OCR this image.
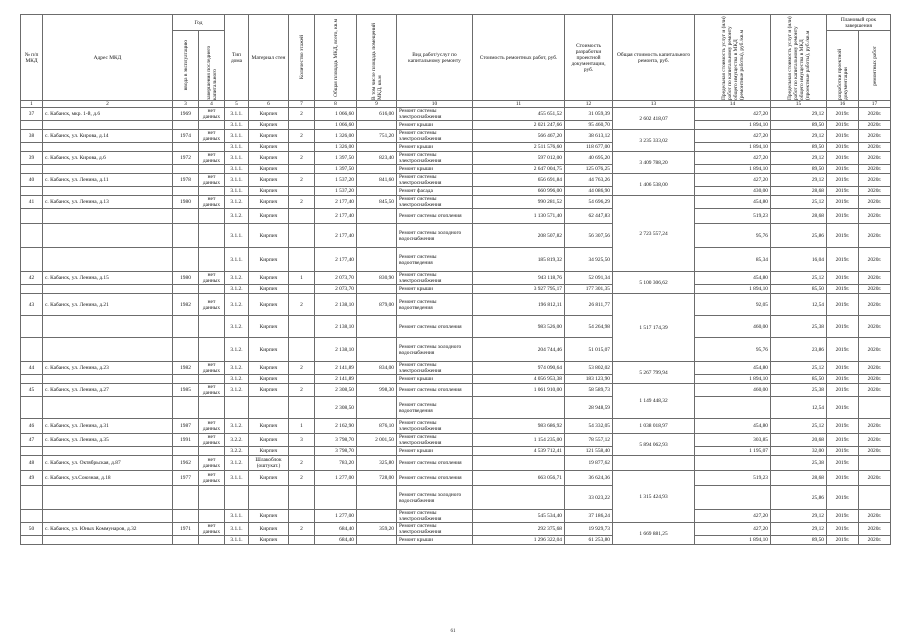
№ п/п МКД	Адрес МКД	Год		Тип дома	Материал стен	Количество этажей	Общая площадь МКД, всего, кв.м	В том числе площадь помещений МКД, кв.м	Вид работ/услуг по капитальному ремонту	Стоимость ремонтных работ, руб.	Стоимость разработки проектной документации, руб.	Общая стоимость капитального ремонта, руб.	Предельная стоимость услуг и (или) работ по капитальному ремонту общего имущества в МКД (ремонтные работы), руб./кв.м	Предельная стоимость услуг и (или) работ по капитальному ремонту общего имущества в МКД (проектные работы), руб./кв.м	Плановый срок завершения	

		ввода в эксплуатацию	завершения последнего капитального												разработки проектной документации	ремонтных работ

1	2	3	4	5	6	7	8	9	10	11	12	13	14	15	16	17
37	с. Кабанск, мкр. 1-й, д.6	1969	нет данных	3.1.1.	Кирпич	2	1 066,60	616,00	Ремонт системы электроснабжения	455 651,52	31 059,39	2 602 418,07	427,20	29,12	2019г.	2020г.
				3.1.1.	Кирпич		1 066,60		Ремонт крыши	2 021 247,66	95 460,70		1 894,10	89,50	2019г.	2020г.
38	с. Кабанск, ул. Кирова, д.14	1974	нет данных	3.1.1.	Кирпич	2	1 326,00	751,20	Ремонт системы электроснабжения	566 467,20	38 613,12	3 235 333,02	427,20	29,12	2019г.	2020г.
				3.1.1.	Кирпич		1 326,00		Ремонт крыши	2 511 576,60	118 677,00		1 894,10	89,50	2019г.	2020г.
39	с. Кабанск, ул. Кирова, д.6	1972	нет данных	3.1.1.	Кирпич	2	1 397,50	823,40	Ремонт системы электроснабжения	597 012,00	40 695,20	3 409 788,20	427,20	29,12	2019г.	2020г.
				3.1.1.	Кирпич		1 397,50		Ремонт крыши	2 647 004,75	125 076,25		1 894,10	89,50	2019г.	2020г.
40	с. Кабанск, ул. Ленина, д.11	1978	нет данных	3.1.1.	Кирпич	2	1 537,20	841,60	Ремонт системы электроснабжения	656 691,84	44 763,26	1 406 538,00	427,20	29,12	2019г.	2020г.
				3.1.1.	Кирпич		1 537,20		Ремонт фасада	660 996,00	44 086,90		430,00	28,68	2019г.	2020г.
41	с. Кабанск, ул. Ленина, д.13	1980	нет данных	3.1.2.	Кирпич	2	2 177,40	845,50	Ремонт системы электроснабжения	990 281,52	54 696,29	2 723 557,24	454,80	25,12	2019г.	2020г.
				3.1.2.	Кирпич		2 177,40		Ремонт системы отопления	1 130 571,40	62 447,83		519,23	28,68	2019г.	2020г.
				3.1.1.	Кирпич		2 177,40		Ремонт системы холодного водоснабжения	208 507,82	56 307,56		95,76	25,86	2019г.	2020г.
				3.1.1.	Кирпич		2 177,40		Ремонт системы водоотведения	185 819,32	34 925,50		85,34	16,04	2019г.	2020г.
42	с. Кабанск, ул. Ленина, д.15	1980	нет данных	3.1.2.	Кирпич	1	2 073,70	830,90	Ремонт системы электроснабжения	943 118,76	52 091,34	5 100 306,62	454,80	25,12	2019г.	2020г.
				3.1.2.	Кирпич		2 073,70		Ремонт крыши	3 927 795,17	177 301,35		1 894,10	85,50	2019г.	2020г.
43	с. Кабанск, ул. Ленина, д.21	1982	нет данных	3.1.2.	Кирпич	2	2 138,10	879,00	Ремонт системы водоотведения	196 812,11	26 811,77	1 517 174,39	92,05	12,54	2019г.	2020г.
				3.1.2.	Кирпич		2 138,10		Ремонт системы отопления	983 526,00	54 264,98		460,00	25,38	2019г.	2020г.
				3.1.2.	Кирпич		2 138,10		Ремонт системы холодного водоснабжения	204 744,46	51 015,07		95,76	23,86	2019г.	2020г.
44	с. Кабанск, ул. Ленина, д.23	1982	нет данных	3.1.2.	Кирпич	2	2 141,89	834,00	Ремонт системы электроснабжения	974 090,64	53 802,02	5 267 799,94	454,80	25,12	2019г.	2020г.
				3.1.2.	Кирпич		2 141,89		Ремонт крыши	4 056 953,38	183 123,90		1 894,10	85,50	2019г.	2020г.
45	с. Кабанск, ул. Ленина, д.27	1985	нет данных	3.1.2.	Кирпич	2	2 308,50	998,30	Ремонт системы отопления	1 061 910,00	58 589,73	1 149 448,32	460,00	25,38	2019г.	2020г.
							2 308,50		Ремонт системы водоотведения		28 948,59			12,54	2019г.	
46	с. Кабанск, ул. Ленина, д.31	1987	нет данных	3.1.2.	Кирпич	1	2 162,90	876,10	Ремонт системы электроснабжения	983 686,92	54 332,05	1 038 018,97	454,80	25,12	2019г.	2020г.
47	с. Кабанск, ул. Ленина, д.35	1991	нет данных	3.2.2.	Кирпич	3	3 798,70	2 001,50	Ремонт системы электроснабжения	1 154 235,00	78 557,12	5 894 062,93	303,85	20,68	2019г.	2020г.
				3.2.2.	Кирпич		3 798,70		Ремонт крыши	4 539 712,41	121 558,40		1 195,07	32,00	2019г.	2020г.
48	с. Кабанск, ул. Октябрьская, д.87	1962	нет данных	3.1.2.	Шлакоблок (оштукат.)	2	783,20	325,80	Ремонт системы отопления		19 877,62			25,38	2019г.	
49	с. Кабанск, ул.Союзная, д.18	1977	нет данных	3.1.1.	Кирпич	2	1 277,00	728,00	Ремонт системы отопления	663 056,71	36 624,36	1 315 424,93	519,23	28,68	2019г.	2020г.
									Ремонт системы холодного водоснабжения		33 023,22			25,86	2019г.	
				3.1.1.	Кирпич		1 277,00		Ремонт системы электроснабжения	545 534,40	37 186,24		427,20	29,12	2019г.	2020г.
50	с. Кабанск, ул. Юных Коммунаров, д.32	1971	нет данных	3.1.1.	Кирпич	2	684,40	359,20	Ремонт системы электроснабжения	292 375,68	19 929,73	1 669 881,25	427,20	29,12	2019г.	2020г.
				3.1.1.	Кирпич		684,40		Ремонт крыши	1 296 322,04	61 253,80		1 894,10	89,50	2019г.	2020г.
61
